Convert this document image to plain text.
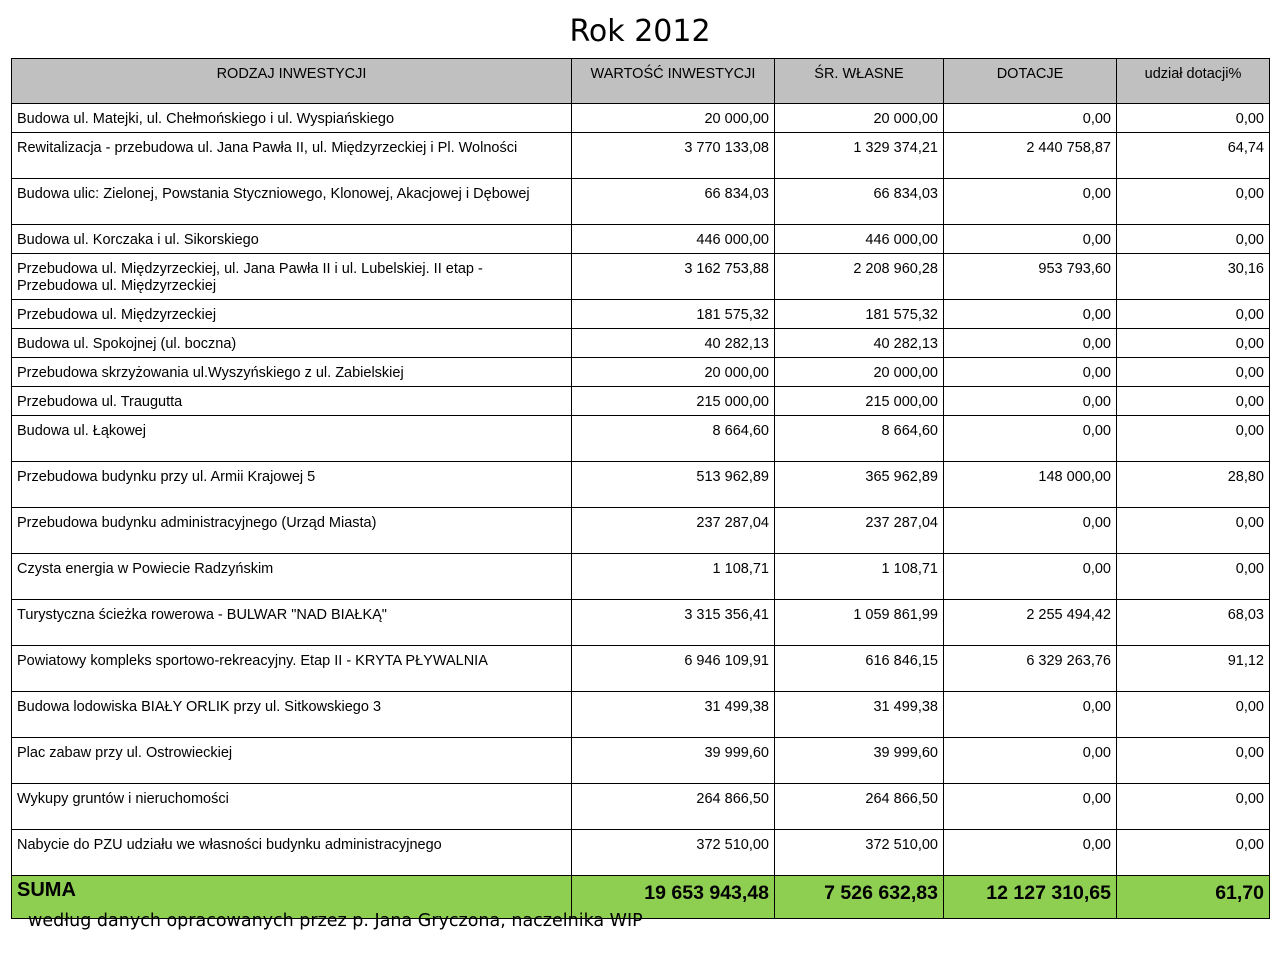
Rok 2012
RODZAJ INWESTYCJI	WARTOŚĆ INWESTYCJI	ŚR. WŁASNE	DOTACJE	udział dotacji%
Budowa ul. Matejki, ul. Chełmońskiego i ul. Wyspiańskiego	20 000,00	20 000,00	0,00	0,00
Rewitalizacja - przebudowa ul. Jana Pawła II, ul. Międzyrzeckiej i Pl. Wolności	3 770 133,08	1 329 374,21	2 440 758,87	64,74
Budowa ulic: Zielonej, Powstania Styczniowego, Klonowej, Akacjowej i Dębowej	66 834,03	66 834,03	0,00	0,00
Budowa ul. Korczaka i ul. Sikorskiego	446 000,00	446 000,00	0,00	0,00
Przebudowa ul. Międzyrzeckiej, ul. Jana Pawła II i ul. Lubelskiej. II etap - Przebudowa ul. Międzyrzeckiej	3 162 753,88	2 208 960,28	953 793,60	30,16
Przebudowa ul. Międzyrzeckiej	181 575,32	181 575,32	0,00	0,00
Budowa ul. Spokojnej (ul. boczna)	40 282,13	40 282,13	0,00	0,00
Przebudowa skrzyżowania ul.Wyszyńskiego z ul. Zabielskiej	20 000,00	20 000,00	0,00	0,00
Przebudowa ul. Traugutta	215 000,00	215 000,00	0,00	0,00
Budowa ul. Łąkowej	8 664,60	8 664,60	0,00	0,00
Przebudowa budynku przy ul. Armii Krajowej 5	513 962,89	365 962,89	148 000,00	28,80
Przebudowa budynku administracyjnego (Urząd Miasta)	237 287,04	237 287,04	0,00	0,00
Czysta energia w Powiecie Radzyńskim	1 108,71	1 108,71	0,00	0,00
Turystyczna ścieżka rowerowa - BULWAR "NAD BIAŁKĄ"	3 315 356,41	1 059 861,99	2 255 494,42	68,03
Powiatowy kompleks sportowo-rekreacyjny. Etap II - KRYTA PŁYWALNIA	6 946 109,91	616 846,15	6 329 263,76	91,12
Budowa lodowiska BIAŁY ORLIK przy ul. Sitkowskiego 3	31 499,38	31 499,38	0,00	0,00
Plac zabaw przy ul. Ostrowieckiej	39 999,60	39 999,60	0,00	0,00
Wykupy gruntów i nieruchomości	264 866,50	264 866,50	0,00	0,00
Nabycie do PZU udziału we własności budynku administracyjnego	372 510,00	372 510,00	0,00	0,00
SUMA	19 653 943,48	7 526 632,83	12 127 310,65	61,70
według danych opracowanych przez p. Jana Gryczona, naczelnika WIP
